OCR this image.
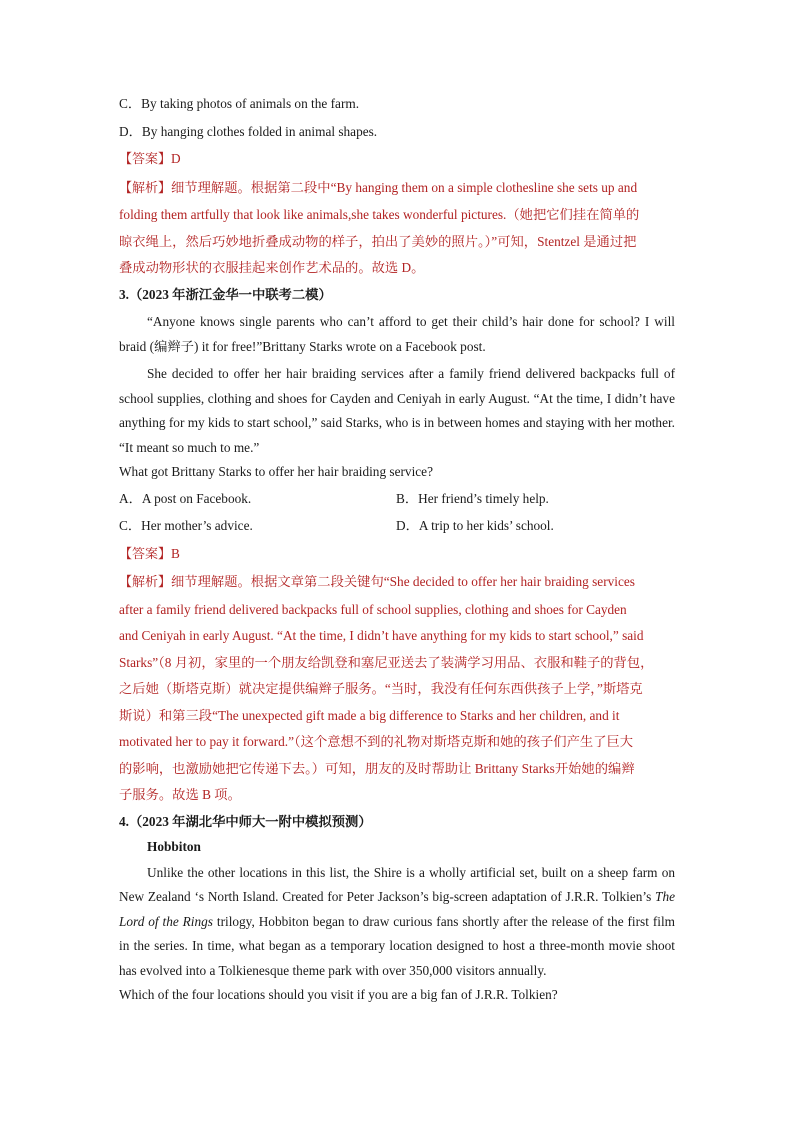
C．By taking photos of animals on the farm.

D．By hanging clothes folded in animal shapes.

【答案】D

【解析】细节理解题。根据第二段中“By hanging them on a simple clothesline she sets up and

folding them artfully that look like animals,she takes wonderful pictures.（她把它们挂在简单的

晾衣绳上，然后巧妙地折叠成动物的样子，拍出了美妙的照片。）”可知，Stentzel 是通过把

叠成动物形状的衣服挂起来创作艺术品的。故选 D。

3.（2023 年浙江金华一中联考二模）

“Anyone knows single parents who can’t afford to get their child’s hair done for school? I will braid (编辫子) it for free!”Brittany Starks wrote on a Facebook post.

She decided to offer her hair braiding services after a family friend delivered backpacks full of school supplies, clothing and shoes for Cayden and Ceniyah in early August. “At the time, I didn’t have anything for my kids to start school,” said Starks, who is in between homes and staying with her mother. “It meant so much to me.”

What got Brittany Starks to offer her hair braiding service?

A．A post on Facebook.	B．Her friend’s timely help.
C．Her mother’s advice.	D．A trip to her kids’ school.

【答案】B

【解析】细节理解题。根据文章第二段关键句“She decided to offer her hair braiding services

after a family friend delivered backpacks full of school supplies, clothing and shoes for Cayden

and Ceniyah in early August. “At the time, I didn’t have anything for my kids to start school,” said

Starks”（8 月初，家里的一个朋友给凯登和塞尼亚送去了装满学习用品、衣服和鞋子的背包，

之后她（斯塔克斯）就决定提供编辫子服务。“当时，我没有任何东西供孩子上学，”斯塔克

斯说）和第三段“The unexpected gift made a big difference to Starks and her children, and it

motivated her to pay it forward.”（这个意想不到的礼物对斯塔克斯和她的孩子们产生了巨大

的影响，也激励她把它传递下去。）可知，朋友的及时帮助让 Brittany Starks开始她的编辫

子服务。故选 B 项。

4.（2023 年湖北华中师大一附中模拟预测）

Hobbiton

Unlike the other locations in this list, the Shire is a wholly artificial set, built on a sheep farm on New Zealand ‘s North Island. Created for Peter Jackson’s big-screen adaptation of J.R.R. Tolkien’s The Lord of the Rings trilogy, Hobbiton began to draw curious fans shortly after the release of the first film in the series. In time, what began as a temporary location designed to host a three-month movie shoot has evolved into a Tolkienesque theme park with over 350,000 visitors annually.

Which of the four locations should you visit if you are a big fan of J.R.R. Tolkien?
